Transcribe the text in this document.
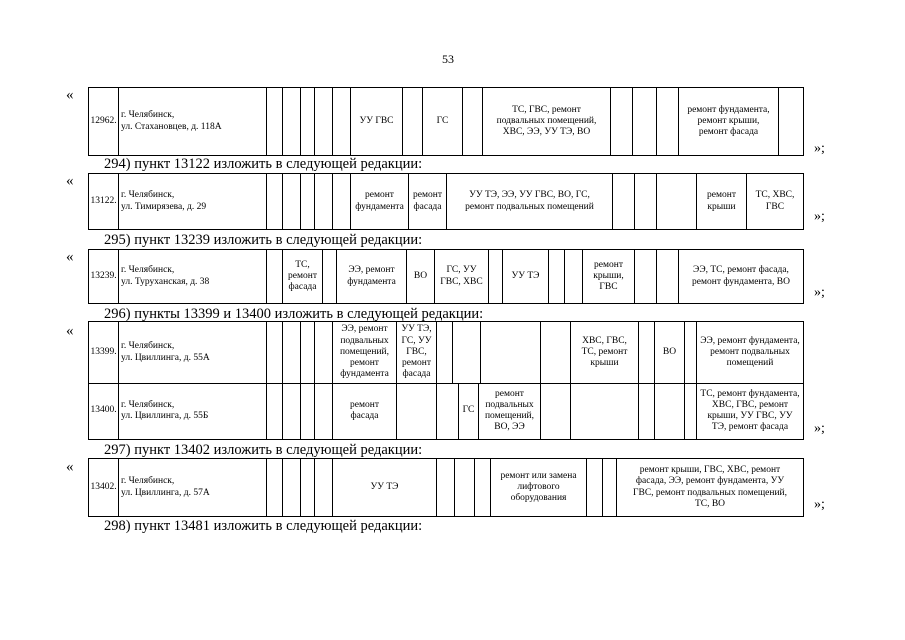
53
«
«
«
«
«
»;
»;
»;
»;
»;
294) пункт 13122 изложить в следующей редакции:
295) пункт 13239 изложить в следующей редакции:
296) пункты 13399 и 13400 изложить в следующей редакции:
297) пункт 13402 изложить в следующей редакции:
298) пункт 13481 изложить в следующей редакции:
12962.
г. Челябинск,
ул. Стахановцев, д. 118А
УУ ГВС	ГС
ТС, ГВС, ремонт
подвальных помещений,
ХВС, ЭЭ, УУ ТЭ, ВО
ремонт фундамента,
ремонт крыши,
ремонт фасада
13122.
г. Челябинск,
ул. Тимирязева, д. 29
ремонт
фундамента
ремонт
фасада
УУ ТЭ, ЭЭ, УУ ГВС, ВО, ГС,
ремонт подвальных помещений
ремонт
крыши
ТС, ХВС,
ГВС
13239.
г. Челябинск,
ул. Туруханская, д. 38
ТС,
ремонт
фасада
ЭЭ, ремонт
фундамента
ВО
ГС, УУ
ГВС, ХВС
УУ ТЭ
ремонт
крыши,
ГВС
ЭЭ, ТС, ремонт фасада,
ремонт фундамента, ВО
13399.
г. Челябинск,
ул. Цвиллинга, д. 55А
ЭЭ, ремонт
подвальных
помещений,
ремонт
фундамента
УУ ТЭ,
ГС, УУ
ГВС,
ремонт
фасада
ХВС, ГВС,
ТС, ремонт
крыши
ВО
ЭЭ, ремонт фундамента,
ремонт подвальных
помещений
13400.
г. Челябинск,
ул. Цвиллинга, д. 55Б
ремонт
фасада
ГС
ремонт
подвальных
помещений,
ВО, ЭЭ
ТС, ремонт фундамента,
ХВС, ГВС, ремонт
крыши, УУ ГВС, УУ
ТЭ, ремонт фасада
13402.
г. Челябинск,
ул. Цвиллинга, д. 57А
УУ ТЭ
ремонт или замена
лифтового
оборудования
ремонт крыши, ГВС, ХВС, ремонт
фасада, ЭЭ, ремонт фундамента, УУ
ГВС, ремонт подвальных помещений,
ТС, ВО
